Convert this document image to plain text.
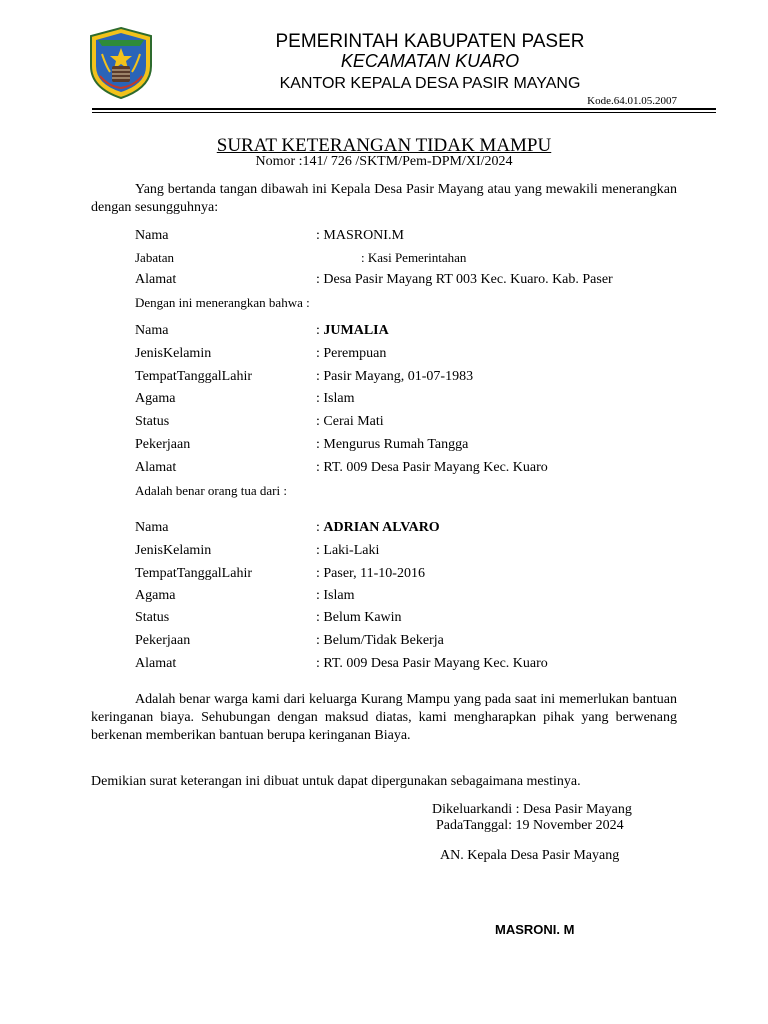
PEMERINTAH KABUPATEN PASER
KECAMATAN KUARO
KANTOR KEPALA DESA PASIR MAYANG
Kode.64.01.05.2007
SURAT KETERANGAN TIDAK MAMPU
Nomor :141/ 726 /SKTM/Pem-DPM/XI/2024
Yang bertanda tangan dibawah ini Kepala Desa Pasir Mayang atau yang mewakili menerangkan dengan sesungguhnya:
Nama	: MASRONI.M
Jabatan	: Kasi Pemerintahan
Alamat	: Desa Pasir Mayang RT 003 Kec. Kuaro. Kab. Paser
Dengan ini menerangkan bahwa :
Nama	: JUMALIA
JenisKelamin	: Perempuan
TempatTanggalLahir	: Pasir Mayang, 01-07-1983
Agama	: Islam
Status	: Cerai Mati
Pekerjaan	: Mengurus Rumah Tangga
Alamat	: RT. 009 Desa Pasir Mayang Kec. Kuaro
Adalah benar orang tua dari :
Nama	: ADRIAN ALVARO
JenisKelamin	: Laki-Laki
TempatTanggalLahir	: Paser, 11-10-2016
Agama	: Islam
Status	: Belum Kawin
Pekerjaan	: Belum/Tidak Bekerja
Alamat	: RT. 009 Desa Pasir Mayang Kec. Kuaro
Adalah benar warga kami dari keluarga Kurang Mampu yang pada saat ini memerlukan bantuan keringanan biaya. Sehubungan dengan maksud diatas, kami mengharapkan pihak yang berwenang berkenan memberikan bantuan berupa keringanan Biaya.
Demikian surat keterangan ini dibuat untuk dapat dipergunakan sebagaimana mestinya.
Dikeluarkandi : Desa Pasir Mayang
PadaTanggal: 19 November 2024
AN. Kepala Desa Pasir Mayang
MASRONI. M
